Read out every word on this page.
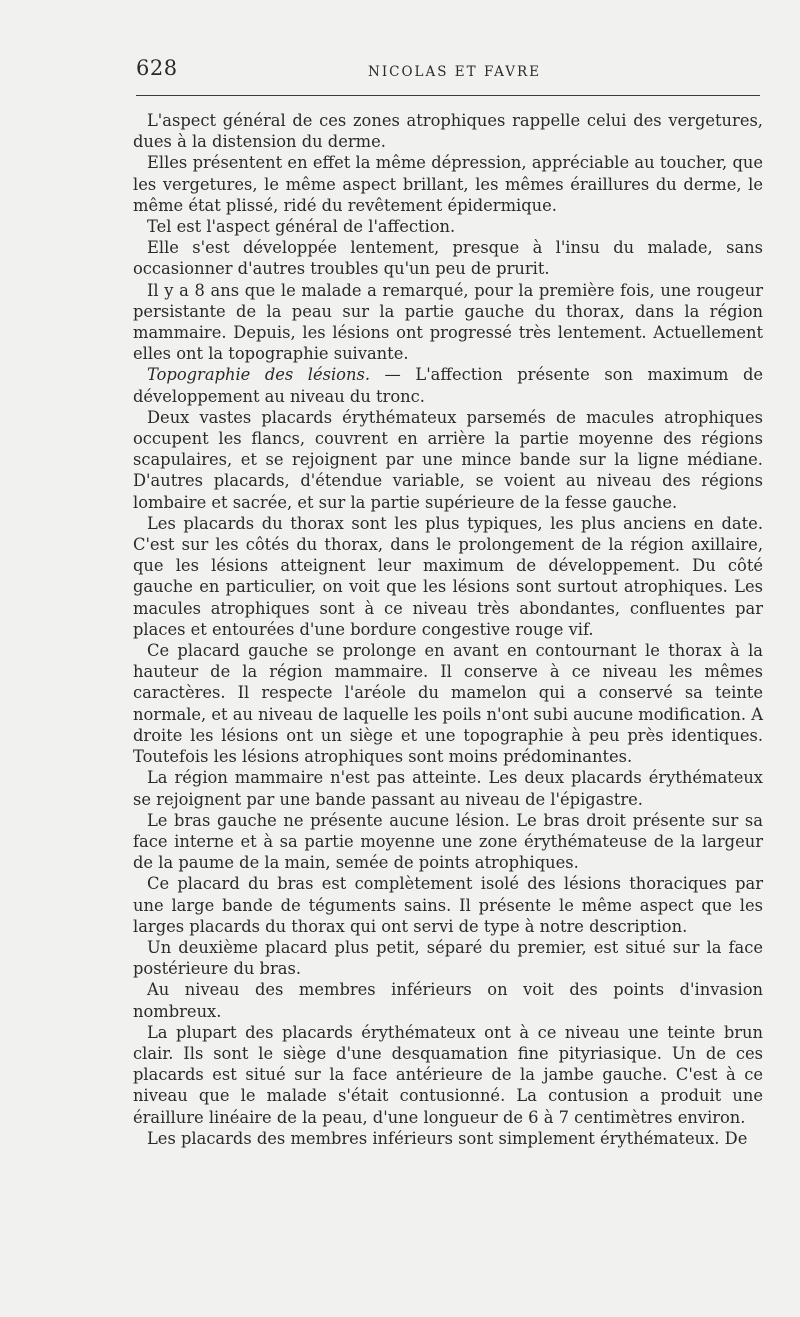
628	NICOLAS ET FAVRE

L'aspect général de ces zones atrophiques rappelle celui des vergetures, dues à la distension du derme.

Elles présentent en effet la même dépression, appréciable au toucher, que les vergetures, le même aspect brillant, les mêmes éraillures du derme, le même état plissé, ridé du revêtement épidermique.

Tel est l'aspect général de l'affection.

Elle s'est développée lentement, presque à l'insu du malade, sans occasionner d'autres troubles qu'un peu de prurit.

Il y a 8 ans que le malade a remarqué, pour la première fois, une rougeur persistante de la peau sur la partie gauche du thorax, dans la région mammaire. Depuis, les lésions ont progressé très lentement. Actuellement elles ont la topographie suivante.

Topographie des lésions. — L'affection présente son maximum de développement au niveau du tronc.

Deux vastes placards érythémateux parsemés de macules atrophiques occupent les flancs, couvrent en arrière la partie moyenne des régions scapulaires, et se rejoignent par une mince bande sur la ligne médiane. D'autres placards, d'étendue variable, se voient au niveau des régions lombaire et sacrée, et sur la partie supérieure de la fesse gauche.

Les placards du thorax sont les plus typiques, les plus anciens en date. C'est sur les côtés du thorax, dans le prolongement de la région axillaire, que les lésions atteignent leur maximum de développement. Du côté gauche en particulier, on voit que les lésions sont surtout atrophiques. Les macules atrophiques sont à ce niveau très abondantes, confluentes par places et entourées d'une bordure congestive rouge vif.

Ce placard gauche se prolonge en avant en contournant le thorax à la hauteur de la région mammaire. Il conserve à ce niveau les mêmes caractères. Il respecte l'aréole du mamelon qui a conservé sa teinte normale, et au niveau de laquelle les poils n'ont subi aucune modification. A droite les lésions ont un siège et une topographie à peu près identiques. Toutefois les lésions atrophiques sont moins prédominantes.

La région mammaire n'est pas atteinte. Les deux placards érythémateux se rejoignent par une bande passant au niveau de l'épigastre.

Le bras gauche ne présente aucune lésion. Le bras droit présente sur sa face interne et à sa partie moyenne une zone érythémateuse de la largeur de la paume de la main, semée de points atrophiques.

Ce placard du bras est complètement isolé des lésions thoraciques par une large bande de téguments sains. Il présente le même aspect que les larges placards du thorax qui ont servi de type à notre description.

Un deuxième placard plus petit, séparé du premier, est situé sur la face postérieure du bras.

Au niveau des membres inférieurs on voit des points d'invasion nombreux.

La plupart des placards érythémateux ont à ce niveau une teinte brun clair. Ils sont le siège d'une desquamation fine pityriasique. Un de ces placards est situé sur la face antérieure de la jambe gauche. C'est à ce niveau que le malade s'était contusionné. La contusion a produit une éraillure linéaire de la peau, d'une longueur de 6 à 7 centimètres environ.

Les placards des membres inférieurs sont simplement érythémateux. De
